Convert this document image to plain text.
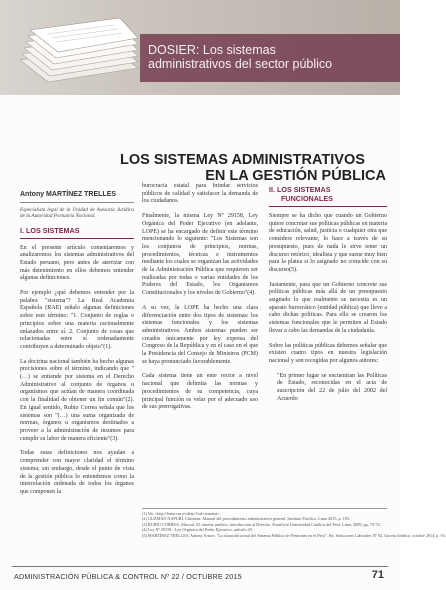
DOSIER: Los sistemas
administrativos del sector público
LOS SISTEMAS ADMINISTRATIVOS
EN LA GESTIÓN PÚBLICA
Antony MARTÍNEZ TRELLES
Especialista legal de la Unidad de Asesoría Jurídica de la Autoridad Portuaria Nacional.
I. LOS SISTEMAS

En el presente artículo comentaremos y analizaremos los sistemas administrativos del Estado peruano, pero antes de aterrizar con más detenimiento en ellos debemos entender algunas definiciones.

Por ejemplo ¿qué debemos entender por la palabra "sistema"? La Real Academia Española (RAE) señalo algunas definiciones sobre este término: "1. Conjunto de reglas o principios sobre una materia racionalmente enlazados entre sí. 2. Conjunto de cosas que relacionadas entre sí ordenadamente contribuyen a determinado objeto"(1).

La doctrina nacional también ha hecho algunas precisiones sobre el término, indicando que "(…) se entiende por sistema en el Derecho Administrativo al conjunto de órganos u organismos que actúan de manera coordinada con la finalidad de obtener un fin común"(2). En igual sentido, Rubio Correa señala que los sistemas son "(…) una suma organizada de normas, órganos u organismos destinados a proveer a la administración de insumos para cumplir su labor de manera eficiente"(3).

Todas estas definiciones nos ayudan a comprender con mayor claridad el término sistema; sin embargo, desde el punto de vista de la gestión pública lo entendemos como la interrelación ordenada de todos los órganos que componen la

burocracia estatal para brindar servicios públicos de calidad y satisfacer la demanda de los ciudadanos.

Finalmente, la misma Ley Nº 29158, Ley Orgánica del Poder Ejecutivo (en adelante, LOPE) se ha encargado de definir este término mencionando lo siguiente: "Los Sistemas son los conjuntos de principios, normas, procedimientos, técnicas e instrumentos mediante los cuales se organizan las actividades de la Administración Pública que requieren ser realizadas por todas o varias entidades de los Poderes del Estado, los Organismos Constitucionales y los niveles de Gobierno"(4).

A su vez, la LOPE ha hecho una clara diferenciación entre dos tipos de sistemas: los sistemas funcionales y los sistemas administrativos. Ambos sistemas pueden ser creados únicamente por ley expresa del Congreso de la República y en el caso en el que la Presidencia del Consejo de Ministros (PCM) se haya pronunciado favorablemente.

Cada sistema tiene un ente rector a nivel nacional que delimita las normas y procedimientos de su competencia, cuya principal función es velar por el adecuado uso de sus prerrogativas.

II. LOS SISTEMAS
FUNCIONALES

Siempre se ha dicho que cuando un Gobierno quiere concretar sus políticas públicas en materia de educación, salud, justicia o cualquier otra que considere relevante, lo hace a través de su presupuesto, pues de nada le sirve tener un discurso retórico, idealista y que suene muy bien para la platea si lo asignado no coincide con su discurso(5).

Justamente, para que un Gobierno concrete sus políticas públicas más allá de un presupuesto asignado lo que realmente se necesita es un aparato burocrático (entidad pública) que lleve a cabo dichas políticas. Para ello se crearon los sistemas funcionales que le permiten al Estado llevar a cabo las demandas de la ciudadanía.

Sobre las políticas públicas debemos señalar que existen cuatro tipos en nuestra legislación nacional y son recogidas por algunos autores:

"En primer lugar se encuentran las Políticas de Estado, reconocidas en el acta de suscripción del 22 de julio del 2002 del Acuerdo

(1) Ver <http://lema.rae.es/drae/?val=sistema>.
(2) GUZMÁN NAPURÍ, Christian. Manual del procedimiento administrativo general. Instituto Pacífico, Lima 2013, p. 193.
(3) RUBIO CORREA, Marcial. El sistema jurídico: introducción al Derecho. Pontificia Universidad Católica del Perú, Lima, 2009, pp. 73-74.
(4) Ley Nº 29158 - Ley Orgánica del Poder Ejecutivo, artículo 43.
(5) MARTÍNEZ TRELLES, Antony Arturo. "La situación actual del Sistema Público de Pensiones en el Perú". En: Soluciones Laborales Nº 92, Gaceta Jurídica, octubre 2014, p. 94.
ADMINISTRACIÓN PÚBLICA & CONTROL Nº 22 / OCTUBRE 2015	71
